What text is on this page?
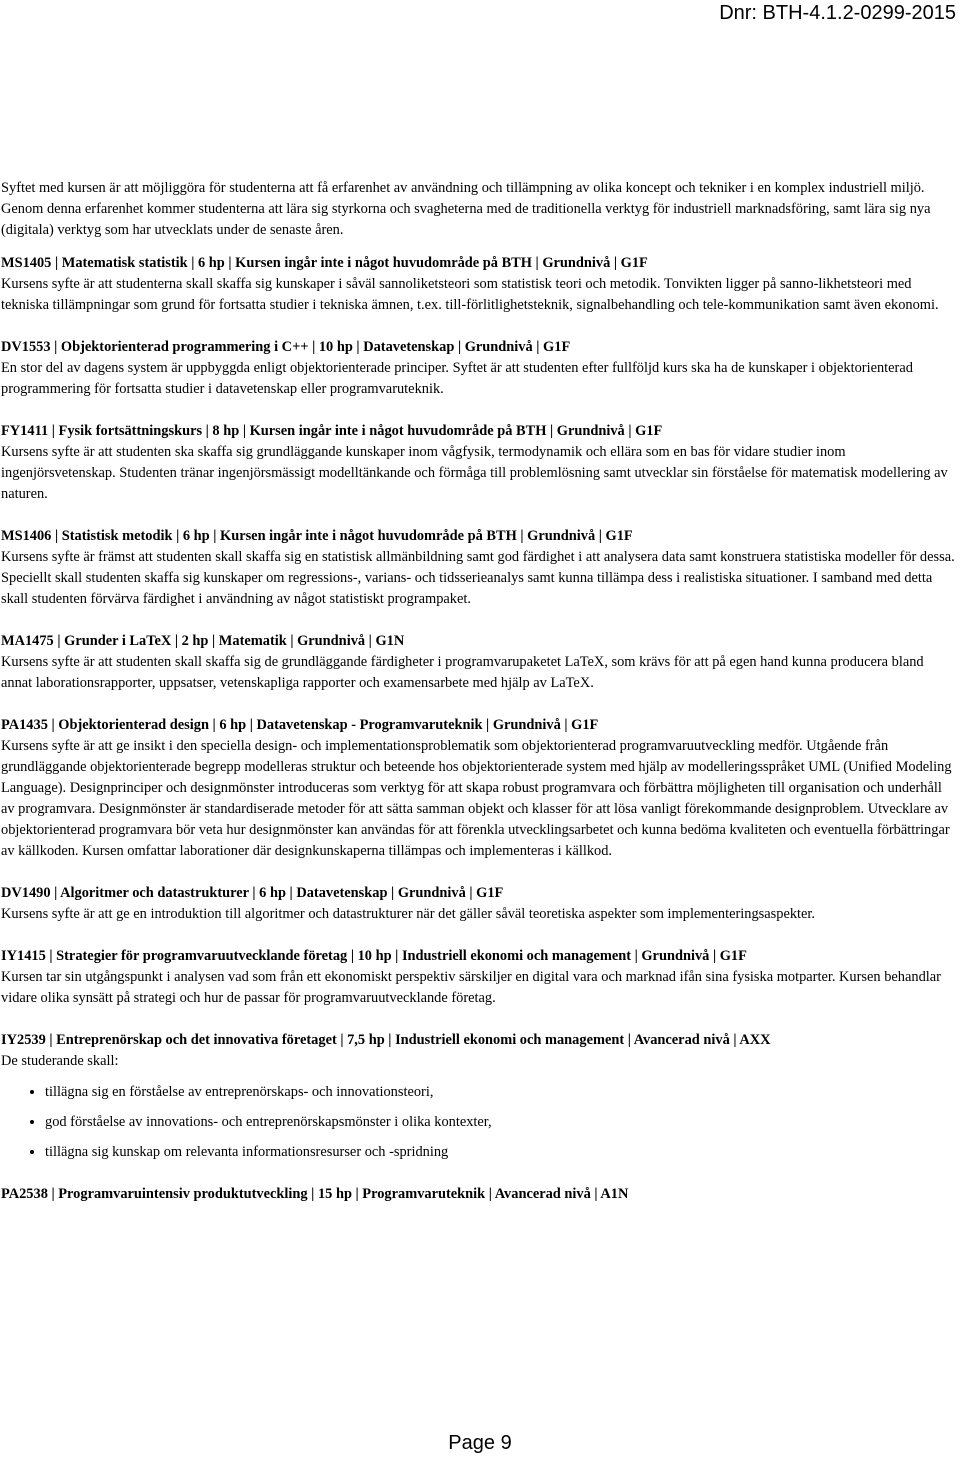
Dnr: BTH-4.1.2-0299-2015

Syftet med kursen är att möjliggöra för studenterna att få erfarenhet av användning och tillämpning av olika koncept och tekniker i en komplex industriell miljö. Genom denna erfarenhet kommer studenterna att lära sig styrkorna och svagheterna med de traditionella verktyg för industriell marknadsföring, samt lära sig nya (digitala) verktyg som har utvecklats under de senaste åren.

MS1405 | Matematisk statistik | 6 hp | Kursen ingår inte i något huvudområde på BTH | Grundnivå | G1F

Kursens syfte är att studenterna skall skaffa sig kunskaper i såväl sannoliketsteori som statistisk teori och metodik. Tonvikten ligger på sanno-likhetsteori med tekniska tillämpningar som grund för fortsatta studier i tekniska ämnen, t.ex. till-förlitlighetsteknik, signalbehandling och tele-kommunikation samt även ekonomi.

DV1553 | Objektorienterad programmering i C++ | 10 hp | Datavetenskap | Grundnivå | G1F

En stor del av dagens system är uppbyggda enligt objektorienterade principer. Syftet är att studenten efter fullföljd kurs ska ha de kunskaper i objektorienterad programmering för fortsatta studier i datavetenskap eller programvaruteknik.

FY1411 | Fysik fortsättningskurs | 8 hp | Kursen ingår inte i något huvudområde på BTH | Grundnivå | G1F

Kursens syfte är att studenten ska skaffa sig grundläggande kunskaper inom vågfysik, termodynamik och ellära som en bas för vidare studier inom ingenjörsvetenskap. Studenten tränar ingenjörsmässigt modelltänkande och förmåga till problemlösning samt utvecklar sin förståelse för matematisk modellering av naturen.

MS1406 | Statistisk metodik | 6 hp | Kursen ingår inte i något huvudområde på BTH | Grundnivå | G1F

Kursens syfte är främst att studenten skall skaffa sig en statistisk allmänbildning samt god färdighet i att analysera data samt konstruera statistiska modeller för dessa. Speciellt skall studenten skaffa sig kunskaper om regressions-, varians- och tidsserieanalys samt kunna tillämpa dess i realistiska situationer. I samband med detta skall studenten förvärva färdighet i användning av något statistiskt programpaket.

MA1475 | Grunder i LaTeX | 2 hp | Matematik | Grundnivå | G1N

Kursens syfte är att studenten skall skaffa sig de grundläggande färdigheter i programvarupaketet LaTeX, som krävs för att på egen hand kunna producera bland annat laborationsrapporter, uppsatser, vetenskapliga rapporter och examensarbete med hjälp av LaTeX.

PA1435 | Objektorienterad design | 6 hp | Datavetenskap - Programvaruteknik | Grundnivå | G1F

Kursens syfte är att ge insikt i den speciella design- och implementationsproblematik som objektorienterad programvaruutveckling medför. Utgående från grundläggande objektorienterade begrepp modelleras struktur och beteende hos objektorienterade system med hjälp av modelleringsspråket UML (Unified Modeling Language). Designprinciper och designmönster introduceras som verktyg för att skapa robust programvara och förbättra möjligheten till organisation och underhåll av programvara. Designmönster är standardiserade metoder för att sätta samman objekt och klasser för att lösa vanligt förekommande designproblem. Utvecklare av objektorienterad programvara bör veta hur designmönster kan användas för att förenkla utvecklingsarbetet och kunna bedöma kvaliteten och eventuella förbättringar av källkoden. Kursen omfattar laborationer där designkunskaperna tillämpas och implementeras i källkod.

DV1490 | Algoritmer och datastrukturer | 6 hp | Datavetenskap | Grundnivå | G1F

Kursens syfte är att ge en introduktion till algoritmer och datastrukturer när det gäller såväl teoretiska aspekter som implementeringsaspekter.

IY1415 | Strategier för programvaruutvecklande företag | 10 hp | Industriell ekonomi och management | Grundnivå | G1F

Kursen tar sin utgångspunkt i analysen vad som från ett ekonomiskt perspektiv särskiljer en digital vara och marknad ifån sina fysiska motparter. Kursen behandlar vidare olika synsätt på strategi och hur de passar för programvaruutvecklande företag.

IY2539 | Entreprenörskap och det innovativa företaget | 7,5 hp | Industriell ekonomi och management | Avancerad nivå | AXX

De studerande skall:

• tillägna sig en förståelse av entreprenörskaps- och innovationsteori,
• god förståelse av innovations- och entreprenörskapsmönster i olika kontexter,
• tillägna sig kunskap om relevanta informationsresurser och -spridning
PA2538 | Programvaruintensiv produktutveckling | 15 hp | Programvaruteknik | Avancerad nivå | A1N
Page 9
